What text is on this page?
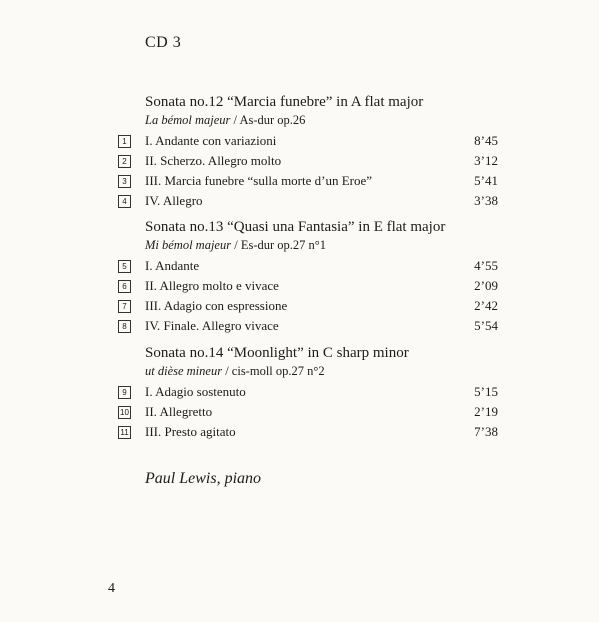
CD 3
Sonata no.12 “Marcia funebre” in A flat major
La bémol majeur / As-dur op.26
1	I. Andante con variazioni	8’45
2	II. Scherzo. Allegro molto	3’12
3	III. Marcia funebre “sulla morte d’un Eroe”	5’41
4	IV. Allegro	3’38
Sonata no.13 “Quasi una Fantasia” in E flat major
Mi bémol majeur / Es-dur op.27 n°1
5	I. Andante	4’55
6	II. Allegro molto e vivace	2’09
7	III. Adagio con espressione	2’42
8	IV. Finale. Allegro vivace	5’54
Sonata no.14 “Moonlight” in C sharp minor
ut dièse mineur / cis-moll op.27 n°2
9	I. Adagio sostenuto	5’15
10 II. Allegretto	2’19
11 III. Presto agitato	7’38
Paul Lewis, piano
4
